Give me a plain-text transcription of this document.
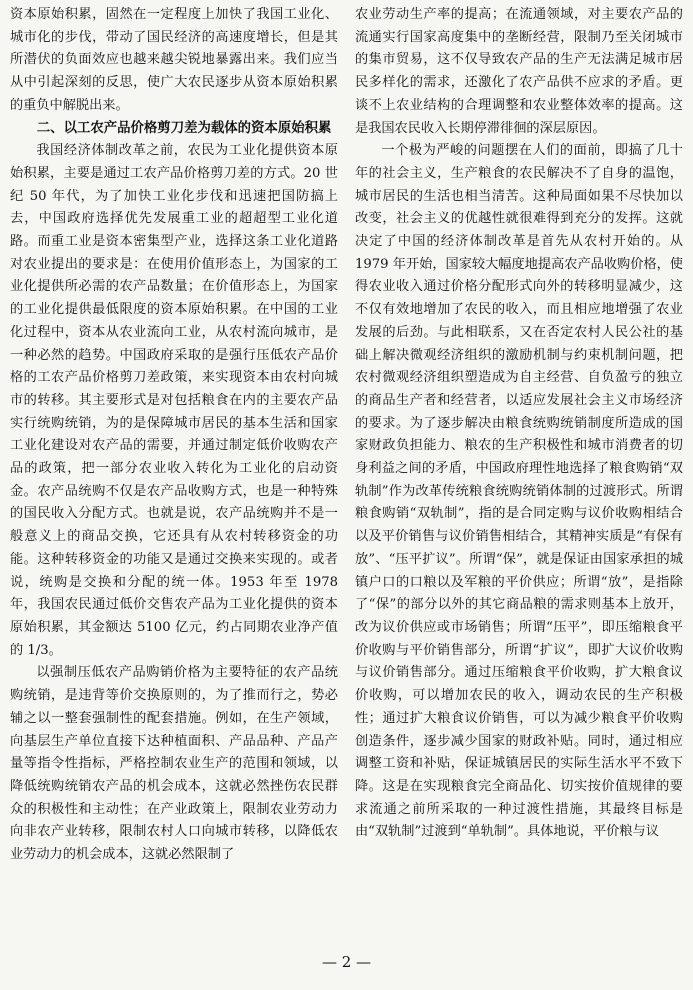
资本原始积累，固然在一定程度上加快了我国工业化、城市化的步伐，带动了国民经济的高速度增长，但是其所潜伏的负面效应也越来越尖锐地暴露出来。我们应当从中引起深刻的反思，使广大农民逐步从资本原始积累的重负中解脱出来。

二、以工农产品价格剪刀差为载体的资本原始积累

我国经济体制改革之前，农民为工业化提供资本原始积累，主要是通过工农产品价格剪刀差的方式。20 世纪 50 年代，为了加快工业化步伐和迅速把国防搞上去，中国政府选择优先发展重工业的超超型工业化道路。而重工业是资本密集型产业，选择这条工业化道路对农业提出的要求是：在使用价值形态上，为国家的工业化提供所必需的农产品数量；在价值形态上，为国家的工业化提供最低限度的资本原始积累。在中国的工业化过程中，资本从农业流向工业，从农村流向城市，是一种必然的趋势。中国政府采取的是强行压低农产品价格的工农产品价格剪刀差政策，来实现资本由农村向城市的转移。其主要形式是对包括粮食在内的主要农产品实行统购统销，为的是保障城市居民的基本生活和国家工业化建设对农产品的需要，并通过制定低价收购农产品的政策，把一部分农业收入转化为工业化的启动资金。农产品统购不仅是农产品收购方式，也是一种特殊的国民收入分配方式。也就是说，农产品统购并不是一般意义上的商品交换，它还具有从农村转移资金的功能。这种转移资金的功能又是通过交换来实现的。或者说，统购是交换和分配的统一体。1953 年至 1978 年，我国农民通过低价交售农产品为工业化提供的资本原始积累，其金额达 5100 亿元，约占同期农业净产值的 1/3。

以强制压低农产品购销价格为主要特征的农产品统购统销，是违背等价交换原则的，为了推而行之，势必辅之以一整套强制性的配套措施。例如，在生产领域，向基层生产单位直接下达种植面积、产品品种、产品产量等指令性指标，严格控制农业生产的范围和领域，以降低统购统销农产品的机会成本，这就必然挫伤农民群众的积极性和主动性；在产业政策上，限制农业劳动力向非农产业转移，限制农村人口向城市转移，以降低农业劳动力的机会成本，这就必然限制了

农业劳动生产率的提高；在流通领域，对主要农产品的流通实行国家高度集中的垄断经营，限制乃至关闭城市的集市贸易，这不仅导致农产品的生产无法满足城市居民多样化的需求，还激化了农产品供不应求的矛盾。更谈不上农业结构的合理调整和农业整体效率的提高。这是我国农民收入长期停滞徘徊的深层原因。

一个极为严峻的问题摆在人们的面前，即搞了几十年的社会主义，生产粮食的农民解决不了自身的温饱，城市居民的生活也相当清苦。这种局面如果不尽快加以改变，社会主义的优越性就很难得到充分的发挥。这就决定了中国的经济体制改革是首先从农村开始的。从 1979 年开始，国家较大幅度地提高农产品收购价格，使得农业收入通过价格分配形式向外的转移明显减少，这不仅有效地增加了农民的收入，而且相应地增强了农业发展的后劲。与此相联系，又在否定农村人民公社的基础上解决微观经济组织的激励机制与约束机制问题，把农村微观经济组织塑造成为自主经营、自负盈亏的独立的商品生产者和经营者，以适应发展社会主义市场经济的要求。为了逐步解决由粮食统购统销制度所造成的国家财政负担能力、粮农的生产积极性和城市消费者的切身利益之间的矛盾，中国政府理性地选择了粮食购销“双轨制”作为改革传统粮食统购统销体制的过渡形式。所谓粮食购销“双轨制”，指的是合同定购与议价收购相结合以及平价销售与议价销售相结合，其精神实质是“有保有放”、“压平扩议”。所谓“保”，就是保证由国家承担的城镇户口的口粮以及军粮的平价供应；所谓“放”，是指除了“保”的部分以外的其它商品粮的需求则基本上放开，改为议价供应或市场销售；所谓“压平”，即压缩粮食平价收购与平价销售部分，所谓“扩议”，即扩大议价收购与议价销售部分。通过压缩粮食平价收购，扩大粮食议价收购，可以增加农民的收入，调动农民的生产积极性；通过扩大粮食议价销售，可以为减少粮食平价收购创造条件，逐步减少国家的财政补贴。同时，通过相应调整工资和补贴，保证城镇居民的实际生活水平不致下降。这是在实现粮食完全商品化、切实按价值规律的要求流通之前所采取的一种过渡性措施，其最终目标是由“双轨制”过渡到“单轨制”。具体地说，平价粮与议

— 2 —
